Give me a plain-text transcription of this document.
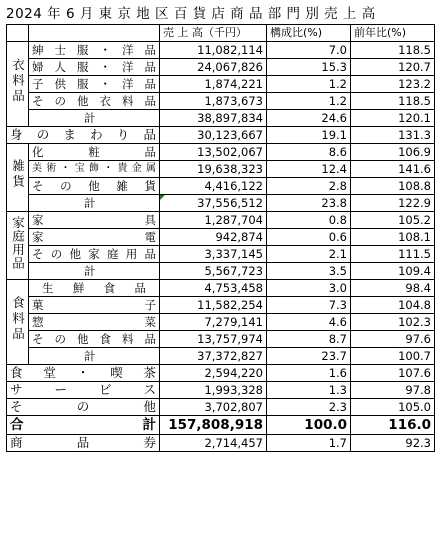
2024 年 6 月 東 京 地 区 百 貨 店 商 品 部 門 別 売 上 高
		売 上 高（千円）	構成比(%)	前年比(%)
衣料品	紳士服・洋品	11,082,114	7.0	118.5

	婦人服・洋品	24,067,826	15.3	120.7

	子供服・洋品	1,874,221	1.2	123.2

	その他衣料品	1,873,673	1.2	118.5
	計	38,897,834	24.6	120.1

身のまわり品		30,123,667	19.1	131.3
雑貨	化粧品	13,502,067	8.6	106.9

	美術・宝飾・貴金属	19,638,323	12.4	141.6

	その他雑貨	4,416,122	2.8	108.8
	計	37,556,512	23.8	122.9
家庭用品	家具	1,287,704	0.8	105.2

	家電	942,874	0.6	108.1

	その他家庭用品	3,337,145	2.1	111.5
	計	5,567,723	3.5	109.4
食料品	生鮮食品	4,753,458	3.0	98.4

	菓子	11,582,254	7.3	104.8

	惣菜	7,279,141	4.6	102.3

	その他食料品	13,757,974	8.7	97.6
	計	37,372,827	23.7	100.7

食堂・喫茶		2,594,220	1.6	107.6

サービス		1,993,328	1.3	97.8

その他		3,702,807	2.3	105.0

合計		157,808,918	100.0	116.0

商品券		2,714,457	1.7	92.3
